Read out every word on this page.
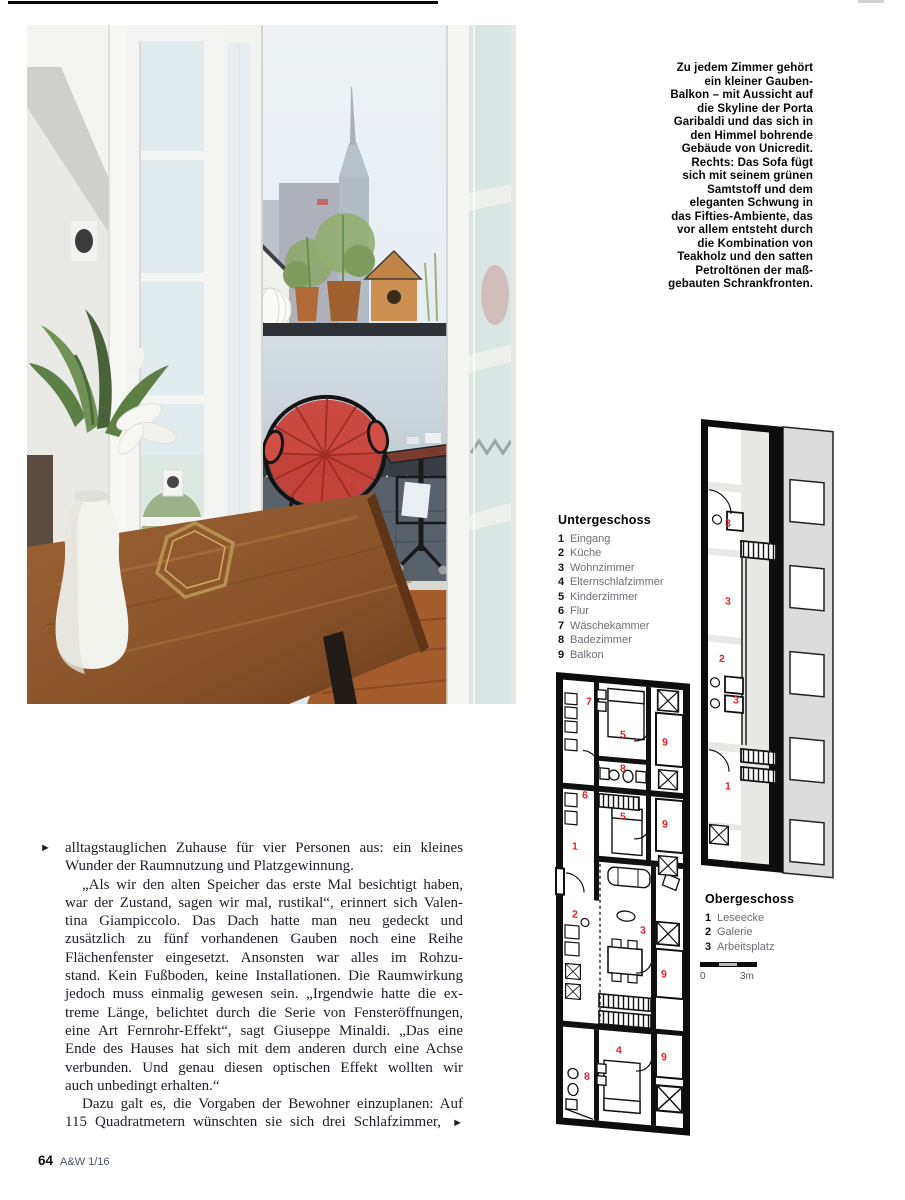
Zu jedem Zimmer gehört
ein kleiner Gauben-
Balkon – mit Aussicht auf
die Skyline der Porta
Garibaldi und das sich in
den Himmel bohrende
Gebäude von Unicredit.
Rechts: Das Sofa fügt
sich mit seinem grünen
Samtstoff und dem
eleganten Schwung in
das Fifties-Ambiente, das
vor allem entsteht durch
die Kombination von
Teakholz und den satten
Petroltönen der maß-
gebauten Schrankfronten.
3
3
2
3
1
Untergeschoss
1 Eingang
2 Küche
3 Wohnzimmer
4 Elternschlafzimmer
5 Kinderzimmer
6 Flur
7 Wäschekammer
8 Badezimmer
9 Balkon
7
5
9
8
6
5
9
1
2
3
9
4
9
8
Obergeschoss
1 Leseecke
2 Galerie
3 Arbeitsplatz
0	3m
► alltagstauglichen Zuhause für vier Personen aus: ein kleines
Wunder der Raumnutzung und Platzgewinnung.
„Als wir den alten Speicher das erste Mal besichtigt haben,
war der Zustand, sagen wir mal, rustikal“, erinnert sich Valen-
tina Giampiccolo. Das Dach hatte man neu gedeckt und
zusätzlich zu fünf vorhandenen Gauben noch eine Reihe
Flächenfenster eingesetzt. Ansonsten war alles im Rohzu-
stand. Kein Fußboden, keine Installationen. Die Raumwirkung
jedoch muss einmalig gewesen sein. „Irgendwie hatte die ex-
treme Länge, belichtet durch die Serie von Fensteröffnungen,
eine Art Fernrohr-Effekt“, sagt Giuseppe Minaldi. „Das eine
Ende des Hauses hat sich mit dem anderen durch eine Achse
verbunden. Und genau diesen optischen Effekt wollten wir
auch unbedingt erhalten.“
Dazu galt es, die Vorgaben der Bewohner einzuplanen: Auf
115 Quadratmetern wünschten sie sich drei Schlafzimmer, ►
64 A&W 1/16
